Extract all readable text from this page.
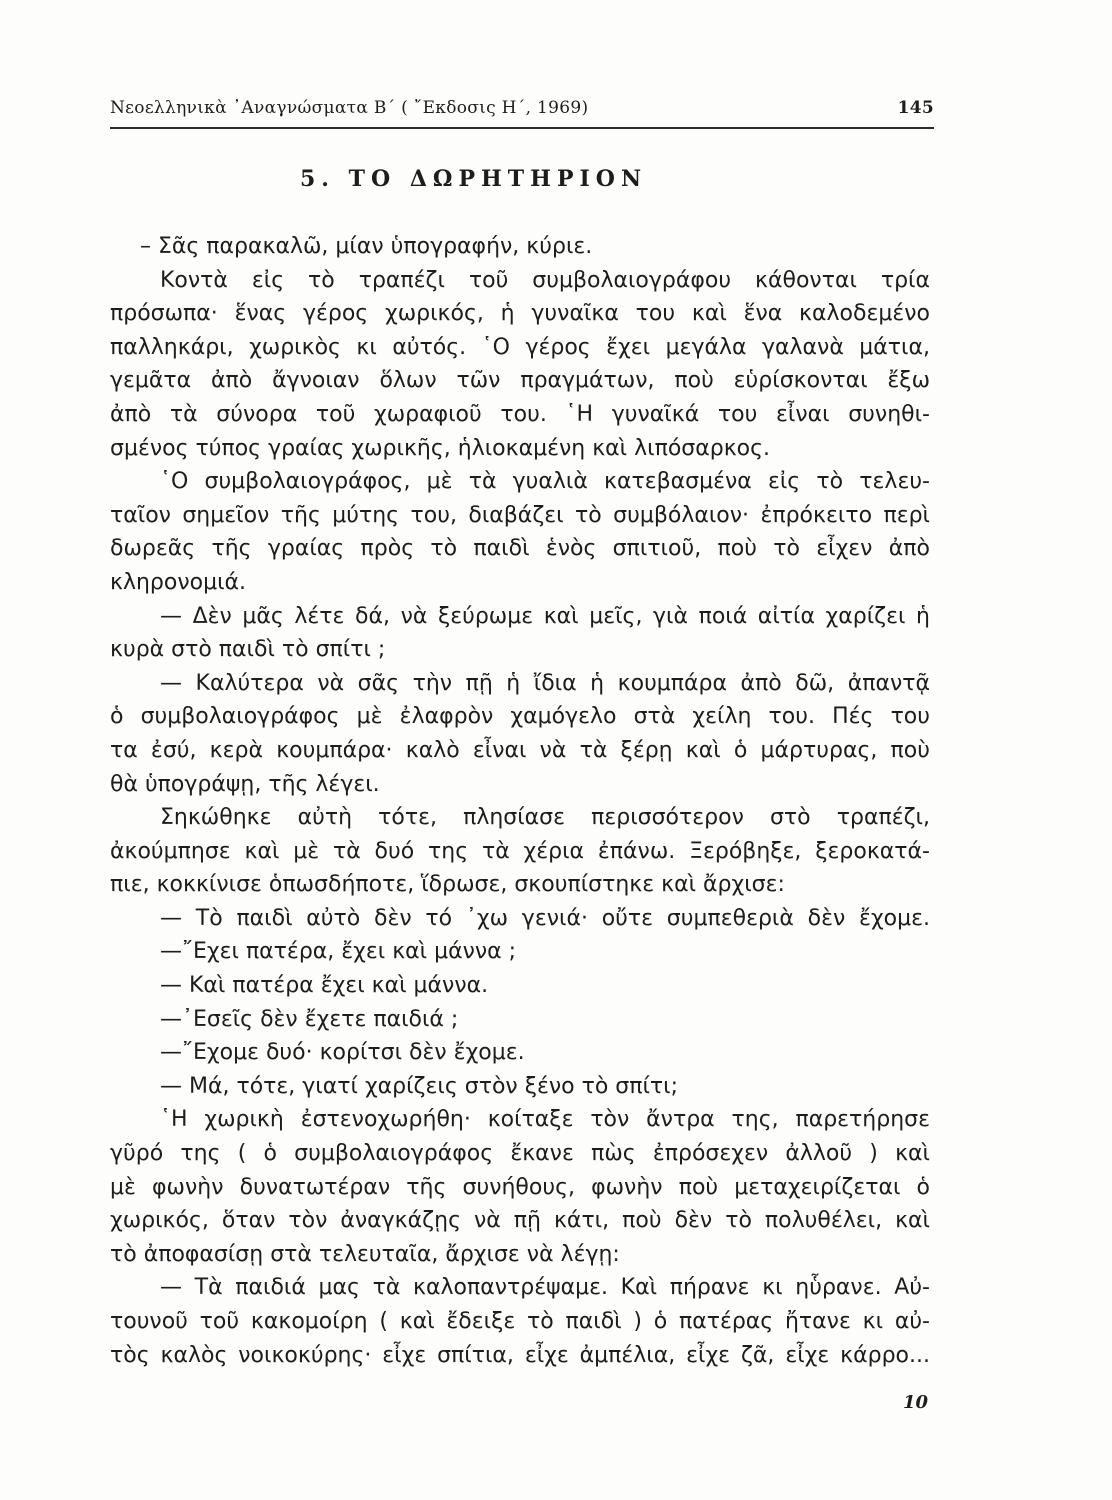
Νεοελληνικὰ ᾿Αναγνώσματα Β΄ ( ῎Εκδοσις Η΄, 1969)	145
5. ΤΟ ΔΩΡΗΤΗΡΙΟΝ
– Σᾶς παρακαλῶ, μίαν ὑπογραφήν, κύριε.
Κοντὰ εἰς τὸ τραπέζι τοῦ συμβολαιογράφου κάθονται τρία
πρόσωπα· ἕνας γέρος χωρικός, ἡ γυναῖκα του καὶ ἕνα καλοδεμένο
παλληκάρι, χωρικὸς κι αὐτός. ῾Ο γέρος ἔχει μεγάλα γαλανὰ μάτια,
γεμᾶτα ἀπὸ ἄγνοιαν ὅλων τῶν πραγμάτων, ποὺ εὑρίσκονται ἔξω
ἀπὸ τὰ σύνορα τοῦ χωραφιοῦ του. ῾Η γυναῖκά του εἶναι συνηθι-
σμένος τύπος γραίας χωρικῆς, ἡλιοκαμένη καὶ λιπόσαρκος.
῾Ο συμβολαιογράφος, μὲ τὰ γυαλιὰ κατεβασμένα εἰς τὸ τελευ-
ταῖον σημεῖον τῆς μύτης του, διαβάζει τὸ συμβόλαιον· ἐπρόκειτο περὶ
δωρεᾶς τῆς γραίας πρὸς τὸ παιδὶ ἑνὸς σπιτιοῦ, ποὺ τὸ εἶχεν ἀπὸ
κληρονομιά.
— Δὲν μᾶς λέτε δά, νὰ ξεύρωμε καὶ μεῖς, γιὰ ποιά αἰτία χαρίζει ἡ
κυρὰ στὸ παιδὶ τὸ σπίτι ;
— Καλύτερα νὰ σᾶς τὴν πῇ ἡ ἴδια ἡ κουμπάρα ἀπὸ δῶ, ἀπαντᾷ
ὁ συμβολαιογράφος μὲ ἐλαφρὸν χαμόγελο στὰ χείλη του. Πές του
τα ἐσύ, κερὰ κουμπάρα· καλὸ εἶναι νὰ τὰ ξέρῃ καὶ ὁ μάρτυρας, ποὺ
θὰ ὑπογράψῃ, τῆς λέγει.
Σηκώθηκε αὐτὴ τότε, πλησίασε περισσότερον στὸ τραπέζι,
ἀκούμπησε καὶ μὲ τὰ δυό της τὰ χέρια ἐπάνω. Ξερόβηξε, ξεροκατά-
πιε, κοκκίνισε ὁπωσδήποτε, ἵδρωσε, σκουπίστηκε καὶ ἄρχισε:
— Τὸ παιδὶ αὐτὸ δὲν τό ᾿χω γενιά· οὔτε συμπεθεριὰ δὲν ἔχομε.
—῎Εχει πατέρα, ἔχει καὶ μάννα ;
— Καὶ πατέρα ἔχει καὶ μάννα.
—᾿Εσεῖς δὲν ἔχετε παιδιά ;
—῎Εχομε δυό· κορίτσι δὲν ἔχομε.
— Μά, τότε, γιατί χαρίζεις στὸν ξένο τὸ σπίτι;
῾Η χωρικὴ ἐστενοχωρήθη· κοίταξε τὸν ἄντρα της, παρετήρησε
γῦρό της ( ὁ συμβολαιογράφος ἔκανε πὼς ἐπρόσεχεν ἀλλοῦ ) καὶ
μὲ φωνὴν δυνατωτέραν τῆς συνήθους, φωνὴν ποὺ μεταχειρίζεται ὁ
χωρικός, ὅταν τὸν ἀναγκάζῃς νὰ πῇ κάτι, ποὺ δὲν τὸ πολυθέλει, καὶ
τὸ ἀποφασίσῃ στὰ τελευταῖα, ἄρχισε νὰ λέγῃ:
— Τὰ παιδιά μας τὰ καλοπαντρέψαμε. Καὶ πήρανε κι ηὗρανε. Αὐ-
τουνοῦ τοῦ κακομοίρη ( καὶ ἔδειξε τὸ παιδὶ ) ὁ πατέρας ἤτανε κι αὐ-
τὸς καλὸς νοικοκύρης· εἶχε σπίτια, εἶχε ἀμπέλια, εἶχε ζᾶ, εἶχε κάρρο...
10
